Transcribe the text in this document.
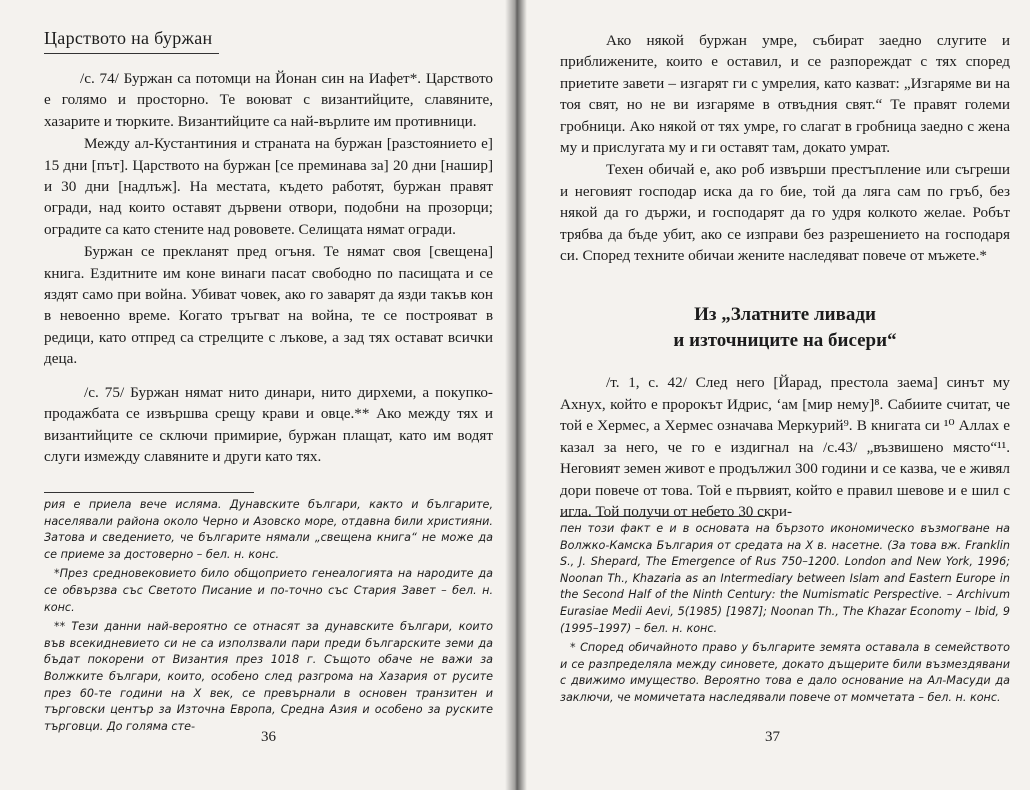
Царството на буржан

/с. 74/ Буржан са потомци на Йонан син на Иафет*. Царството е голямо и просторно. Те воюват с византийците, славяните, хазарите и тюрките. Византийците са най-върлите им противници.

Между ал-Кустантиния и страната на буржан [разстоянието е] 15 дни [път]. Царството на буржан [се преминава за] 20 дни [нашир] и 30 дни [надлъж]. На местата, където работят, буржан правят огради, над които оставят дървени отвори, подобни на прозорци; оградите са като стените над рововете. Селищата нямат огради.

Буржан се прекланят пред огъня. Те нямат своя [свещена] книга. Ездитните им коне винаги пасат свободно по пасищата и се яздят само при война. Убиват човек, ако го заварят да язди такъв кон в невоенно време. Когато тръгват на война, те се построяват в редици, като отпред са стрелците с лъкове, а зад тях остават всички деца.

/с. 75/ Буржан нямат нито динари, нито дирхеми, а покупко-продажбата се извършва срещу крави и овце.** Ако между тях и византийците се сключи примирие, буржан плащат, като им водят слуги измежду славяните и други като тях.

рия е приела вече исляма. Дунавските българи, както и българите, населявали района около Черно и Азовско море, отдавна били християни. Затова и сведението, че българите нямали „свещена книга“ не може да се приеме за достоверно – бел. н. конс.

*През средновековието било общоприето генеалогията на народите да се обвързва със Светото Писание и по-точно със Стария Завет – бел. н. конс.

** Тези данни най-вероятно се отнасят за дунавските българи, които във всекидневието си не са използвали пари преди българските земи да бъдат покорени от Византия през 1018 г. Същото обаче не важи за Волжките българи, които, особено след разгрома на Хазария от русите през 60-те години на X век, се превърнали в основен транзитен и търговски център за Източна Европа, Средна Азия и особено за руските търговци. До голяма сте-

36

Ако някой буржан умре, събират заедно слугите и приближените, които е оставил, и се разпореждат с тях според приетите завети – изгарят ги с умрелия, като казват: „Изгаряме ви на тоя свят, но не ви изгаряме в отвъдния свят.“ Те правят големи гробници. Ако някой от тях умре, го слагат в гробница заедно с жена му и прислугата му и ги оставят там, докато умрат.

Техен обичай е, ако роб извърши престъпление или съгреши и неговият господар иска да го бие, той да ляга сам по гръб, без някой да го държи, и господарят да го удря колкото желае. Робът трябва да бъде убит, ако се изправи без разрешението на господаря си. Според техните обичаи жените наследяват повече от мъжете.*

Из „Златните ливади
и източниците на бисери“

/т. 1, с. 42/ След него [Йарад, престола заема] синът му Ахнух, който е пророкът Идрис, ‘ам [мир нему]⁸. Сабиите считат, че той е Хермес, а Хермес означава Меркурий⁹. В книгата си ¹⁰ Аллах е казал за него, че го е издигнал на /с.43/ „възвишено място“¹¹. Неговият земен живот е продължил 300 години и се казва, че е живял дори повече от това. Той е първият, който е правил шевове и е шил с игла. Той получи от небето 30 скри-

пен този факт е и в основата на бързото икономическо възмогване на Волжко-Камска България от средата на X в. насетне. (За това вж. Franklin S., J. Shepard, The Emergence of Rus 750–1200. London and New York, 1996; Noonan Th., Khazaria as an Intermediary between Islam and Eastern Europe in the Second Half of the Ninth Century: the Numismatic Perspective. – Archivum Eurasiae Medii Aevi, 5(1985) [1987]; Noonan Th., The Khazar Economy – Ibid, 9 (1995–1997) – бел. н. конс.

* Според обичайното право у българите земята оставала в семейството и се разпределяла между синовете, докато дъщерите били възмездявани с движимо имущество. Вероятно това е дало основание на Ал-Масуди да заключи, че момичетата наследявали повече от момчетата – бел. н. конс.

37
